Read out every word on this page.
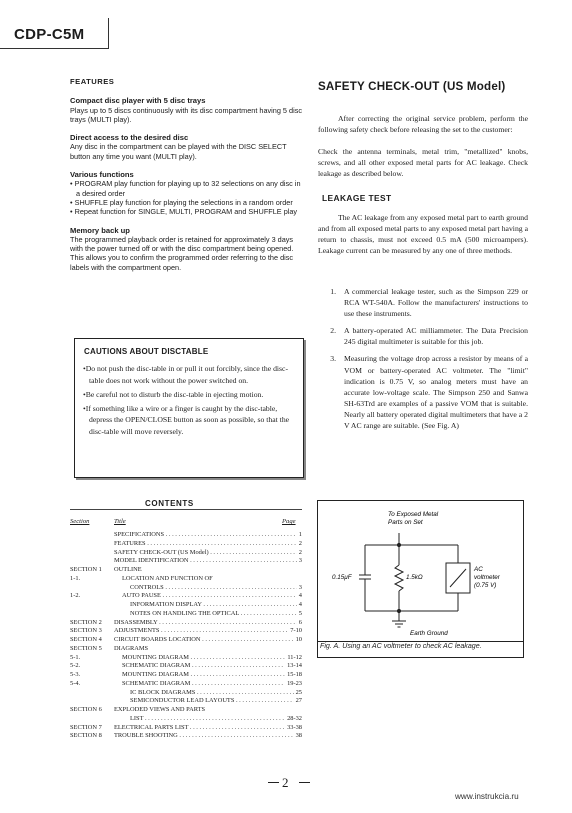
CDP-C5M
FEATURES
Compact disc player with 5 disc trays
Plays up to 5 discs continuously with its disc compartment having 5 disc trays (MULTI play).
Direct access to the desired disc
Any disc in the compartment can be played with the DISC SELECT button any time you want (MULTI play).
Various functions
• PROGRAM play function for playing up to 32 selections on any disc in a desired order
• SHUFFLE play function for playing the selections in a random order
• Repeat function for SINGLE, MULTI, PROGRAM and SHUFFLE play
Memory back up
The programmed playback order is retained for approximately 3 days with the power turned off or with the disc compartment being opened. This allows you to confirm the programmed order referring to the disc labels with the compartment open.
CAUTIONS ABOUT DISCTABLE
•Do not push the disc-table in or pull it out forcibly, since the disc-table does not work without the power switched on.
•Be careful not to disturb the disc-table in ejecting motion.
•If something like a wire or a finger is caught by the disc-table, depress the OPEN/CLOSE button as soon as possible, so that the disc-table will move reversely.
CONTENTS
Section	Title	Page
SPECIFICATIONS . . .	1
FEATURES . . .	2
SAFETY CHECK-OUT (US Model) . . .	2
MODEL IDENTIFICATION . . .	3
SECTION 1	OUTLINE
1-1.	LOCATION AND FUNCTION OF
CONTROLS . . .	3
1-2.	AUTO PAUSE . . .	4
INFORMATION DISPLAY . . .	4
NOTES ON HANDLING THE OPTICAL . . .	5
SECTION 2	DISASSEMBLY . . .	6
SECTION 3	ADJUSTMENTS . . .	7-10
SECTION 4	CIRCUIT BOARDS LOCATION . . .	10
SECTION 5	DIAGRAMS
5-1.	MOUNTING DIAGRAM . . .	11-12
5-2.	SCHEMATIC DIAGRAM . . .	13-14
5-3.	MOUNTING DIAGRAM . . .	15-18
5-4.	SCHEMATIC DIAGRAM . . .	19-23
IC BLOCK DIAGRAMS . . .	25
SEMICONDUCTOR LEAD LAYOUTS . . .	27
SECTION 6	EXPLODED VIEWS AND PARTS
LIST . . .	28-32
SECTION 7	ELECTRICAL PARTS LIST . . .	33-38
SECTION 8	TROUBLE SHOOTING . . .	38
2
SAFETY CHECK-OUT (US Model)
After correcting the original service problem, perform the following safety check before releasing the set to the customer:
Check the antenna terminals, metal trim, "metallized" knobs, screws, and all other exposed metal parts for AC leakage. Check leakage as described below.
LEAKAGE TEST
The AC leakage from any exposed metal part to earth ground and from all exposed metal parts to any exposed metal part having a return to chassis, must not exceed 0.5 mA (500 microampers). Leakage current can be measured by any one of three methods.
1.	A commercial leakage tester, such as the Simpson 229 or RCA WT-540A. Follow the manufacturers' instructions to use these instruments.
2.	A battery-operated AC milliammeter. The Data Precision 245 digital multimeter is suitable for this job.
3.	Measuring the voltage drop across a resistor by means of a VOM or battery-operated AC voltmeter. The "limit" indication is 0.75 V, so analog meters must have an accurate low-voltage scale. The Simpson 250 and Sanwa SH-63Trd are examples of a passive VOM that is suitable. Nearly all battery operated digital multimeters that have a 2 V AC range are suitable. (See Fig. A)
To Exposed Metal
Parts on Set
0.15μF	1.5kΩ
AC
voltmeter
(0.75 V)
Earth Ground
Fig. A. Using an AC voltmeter to check AC leakage.
www.instrukcia.ru
